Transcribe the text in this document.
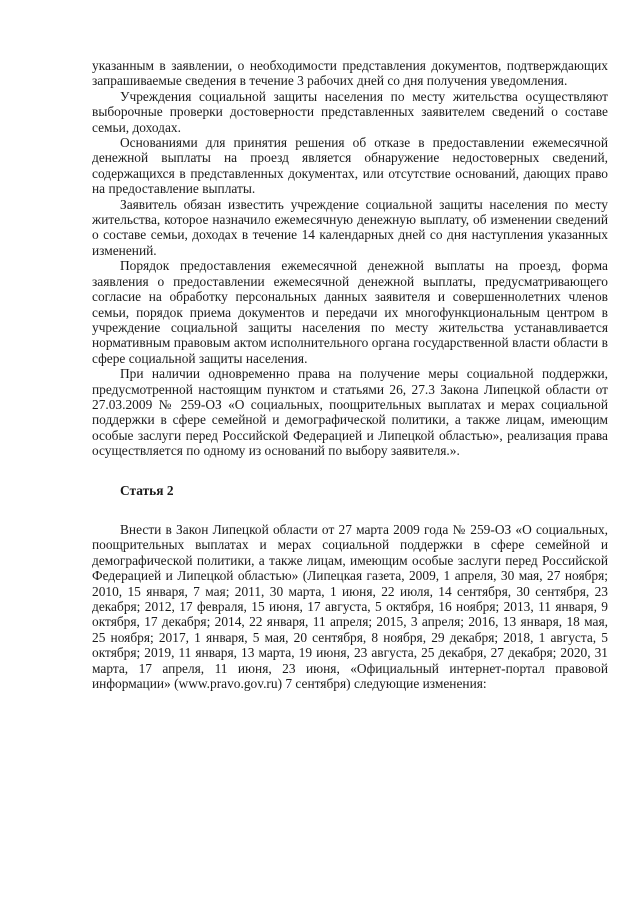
указанным в заявлении, о необходимости представления документов, подтверждающих запрашиваемые сведения в течение 3 рабочих дней со дня получения уведомления.

Учреждения социальной защиты населения по месту жительства осуществляют выборочные проверки достоверности представленных заявителем сведений о составе семьи, доходах.

Основаниями для принятия решения об отказе в предоставлении ежемесячной денежной выплаты на проезд является обнаружение недостоверных сведений, содержащихся в представленных документах, или отсутствие оснований, дающих право на предоставление выплаты.

Заявитель обязан известить учреждение социальной защиты населения по месту жительства, которое назначило ежемесячную денежную выплату, об изменении сведений о составе семьи, доходах в течение 14 календарных дней со дня наступления указанных изменений.

Порядок предоставления ежемесячной денежной выплаты на проезд, форма заявления о предоставлении ежемесячной денежной выплаты, предусматривающего согласие на обработку персональных данных заявителя и совершеннолетних членов семьи, порядок приема документов и передачи их многофункциональным центром в учреждение социальной защиты населения по месту жительства устанавливается нормативным правовым актом исполнительного органа государственной власти области в сфере социальной защиты населения.

При наличии одновременно права на получение меры социальной поддержки, предусмотренной настоящим пунктом и статьями 26, 27.3 Закона Липецкой области от 27.03.2009 № 259-ОЗ «О социальных, поощрительных выплатах и мерах социальной поддержки в сфере семейной и демографической политики, а также лицам, имеющим особые заслуги перед Российской Федерацией и Липецкой областью», реализация права осуществляется по одному из оснований по выбору заявителя.».

Статья 2

Внести в Закон Липецкой области от 27 марта 2009 года № 259-ОЗ «О социальных, поощрительных выплатах и мерах социальной поддержки в сфере семейной и демографической политики, а также лицам, имеющим особые заслуги перед Российской Федерацией и Липецкой областью» (Липецкая газета, 2009, 1 апреля, 30 мая, 27 ноября; 2010, 15 января, 7 мая; 2011, 30 марта, 1 июня, 22 июля, 14 сентября, 30 сентября, 23 декабря; 2012, 17 февраля, 15 июня, 17 августа, 5 октября, 16 ноября; 2013, 11 января, 9 октября, 17 декабря; 2014, 22 января, 11 апреля; 2015, 3 апреля; 2016, 13 января, 18 мая, 25 ноября; 2017, 1 января, 5 мая, 20 сентября, 8 ноября, 29 декабря; 2018, 1 августа, 5 октября; 2019, 11 января, 13 марта, 19 июня, 23 августа, 25 декабря, 27 декабря; 2020, 31 марта, 17 апреля, 11 июня, 23 июня, «Официальный интернет-портал правовой информации» (www.pravo.gov.ru) 7 сентября) следующие изменения:
